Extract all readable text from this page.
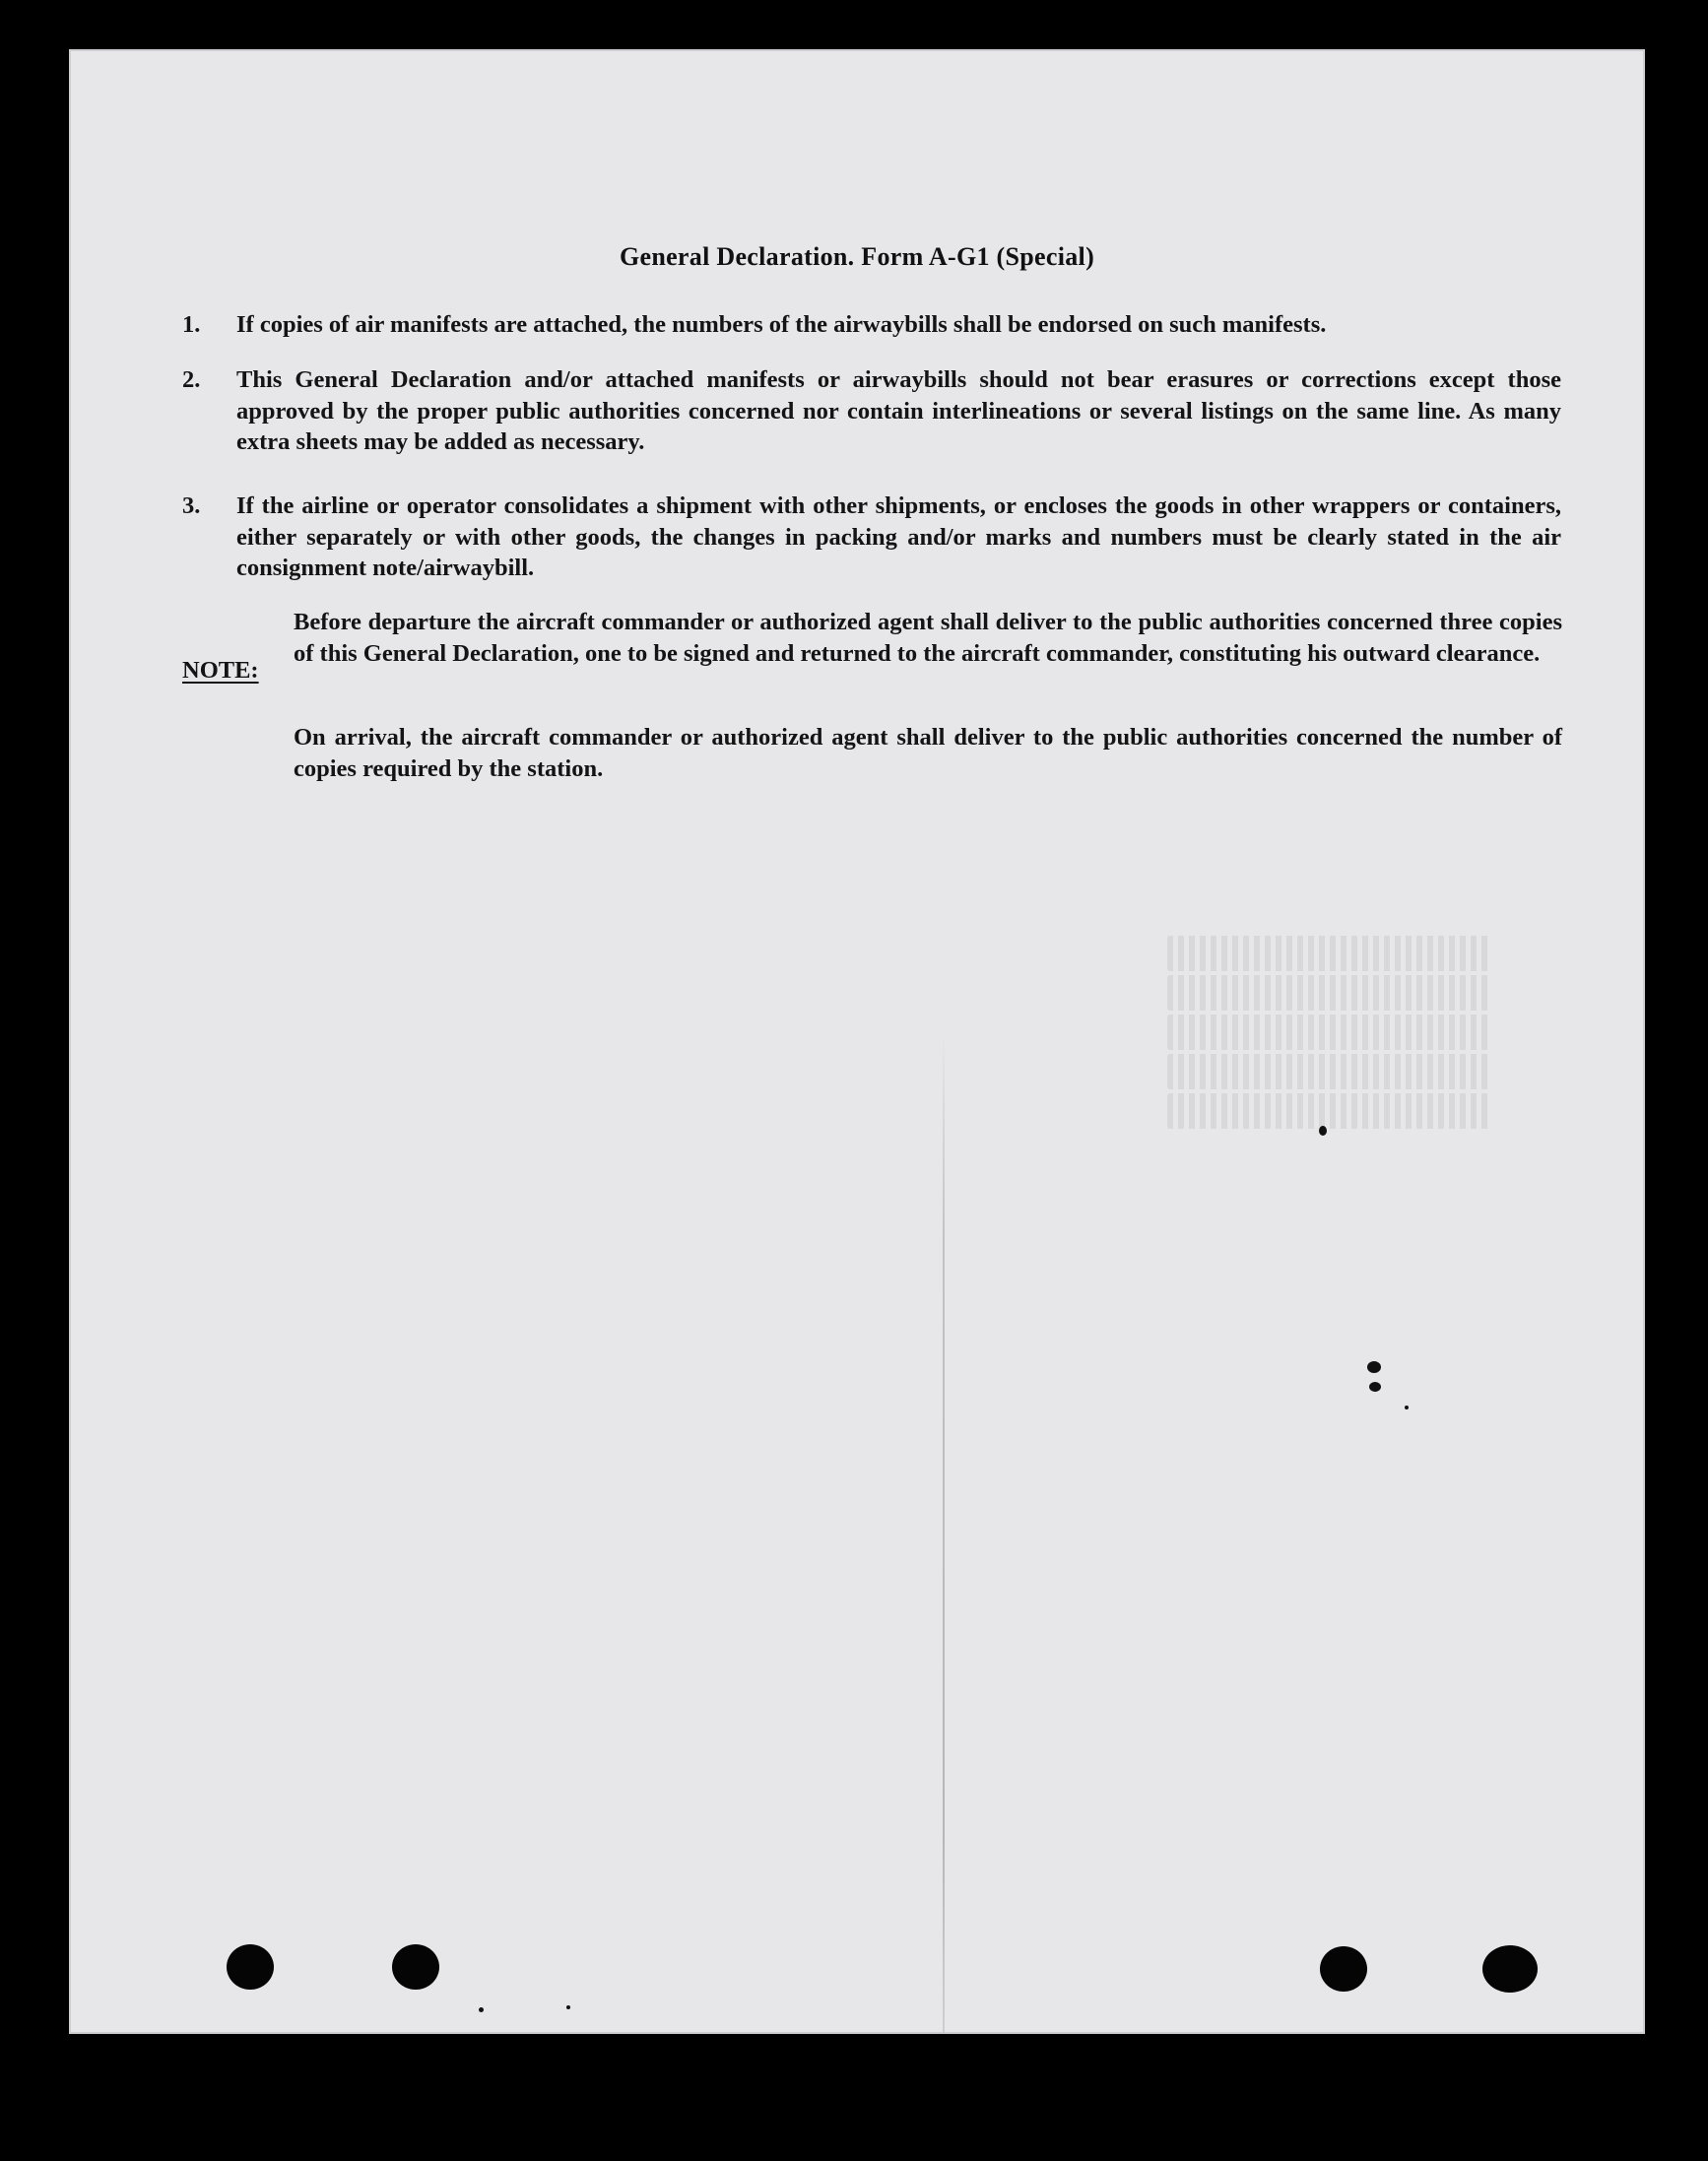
General Declaration. Form A-G1 (Special)
1.	If copies of air manifests are attached, the numbers of the airwaybills shall be endorsed on such manifests.
2.	This General Declaration and/or attached manifests or airwaybills should not bear erasures or corrections except those approved by the proper public authorities concerned nor contain interlineations or several listings on the same line. As many extra sheets may be added as necessary.
3.	If the airline or operator consolidates a shipment with other shipments, or encloses the goods in other wrappers or containers, either separately or with other goods, the changes in packing and/or marks and numbers must be clearly stated in the air consignment note/airwaybill.
NOTE:
Before departure the aircraft commander or authorized agent shall deliver to the public authorities concerned three copies of this General Declaration, one to be signed and returned to the aircraft commander, constituting his outward clearance.
On arrival, the aircraft commander or authorized agent shall deliver to the public authorities concerned the number of copies required by the station.
